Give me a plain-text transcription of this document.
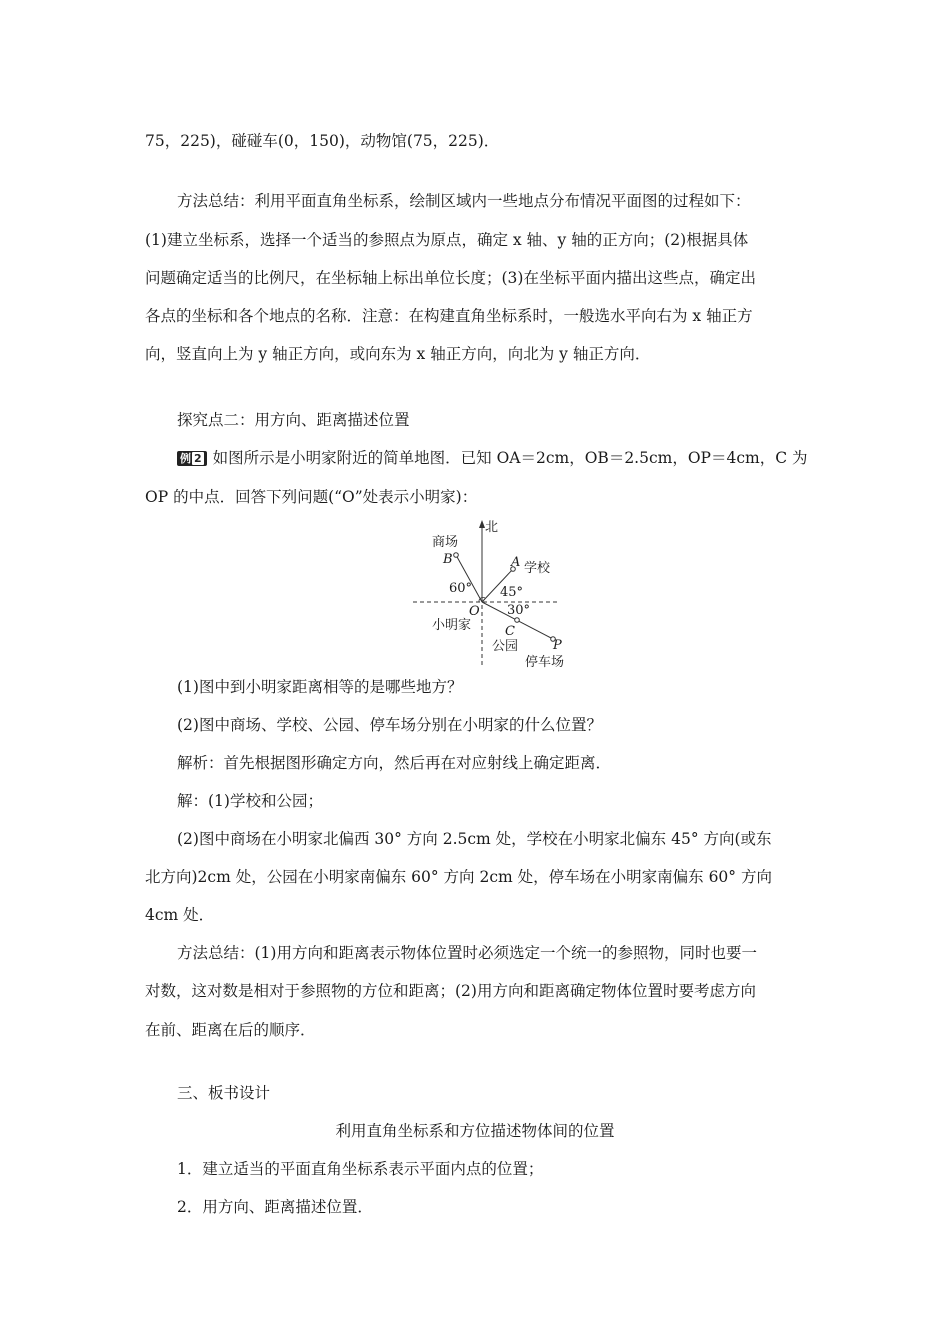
75，225)，碰碰车(0，150)，动物馆(75，225)．
方法总结：利用平面直角坐标系，绘制区域内一些地点分布情况平面图的过程如下：
(1)建立坐标系，选择一个适当的参照点为原点，确定 x 轴、y 轴的正方向；(2)根据具体
问题确定适当的比例尺，在坐标轴上标出单位长度；(3)在坐标平面内描出这些点，确定出
各点的坐标和各个地点的名称．注意：在构建直角坐标系时，一般选水平向右为 x 轴正方
向，竖直向上为 y 轴正方向，或向东为 x 轴正方向，向北为 y 轴正方向．
探究点二：用方向、距离描述位置
例 2 如图所示是小明家附近的简单地图．已知 OA＝2cm，OB＝2.5cm，OP＝4cm，C 为
OP 的中点．回答下列问题(“O”处表示小明家)：
北
商场
B	A 学校
60° 45°
30°
O
小明家	C
公园	P
停车场
(1)图中到小明家距离相等的是哪些地方？
(2)图中商场、学校、公园、停车场分别在小明家的什么位置？
解析：首先根据图形确定方向，然后再在对应射线上确定距离．
解：(1)学校和公园；
(2)图中商场在小明家北偏西 30° 方向 2.5cm 处，学校在小明家北偏东 45° 方向(或东
北方向)2cm 处，公园在小明家南偏东 60° 方向 2cm 处，停车场在小明家南偏东 60° 方向
4cm 处．
方法总结：(1)用方向和距离表示物体位置时必须选定一个统一的参照物，同时也要一
对数，这对数是相对于参照物的方位和距离；(2)用方向和距离确定物体位置时要考虑方向
在前、距离在后的顺序．
三、板书设计
利用直角坐标系和方位描述物体间的位置
1．建立适当的平面直角坐标系表示平面内点的位置；
2．用方向、距离描述位置．
